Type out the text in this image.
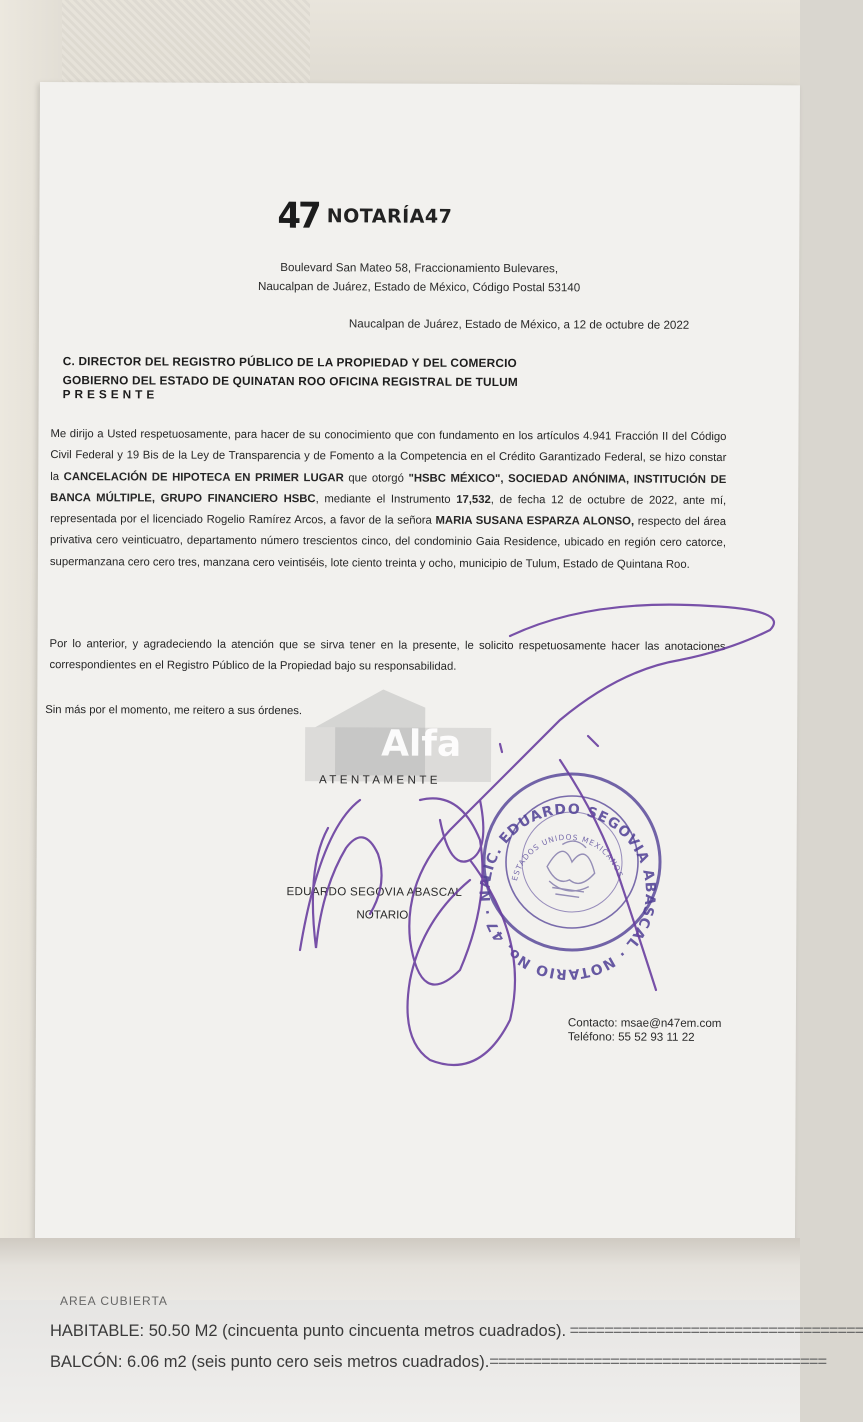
47 NOTARÍA47
Boulevard San Mateo 58, Fraccionamiento Bulevares,
Naucalpan de Juárez, Estado de México, Código Postal 53140
Naucalpan de Juárez, Estado de México, a 12 de octubre de 2022
C. DIRECTOR DEL REGISTRO PÚBLICO DE LA PROPIEDAD Y DEL COMERCIO
GOBIERNO DEL ESTADO DE QUINATAN ROO OFICINA REGISTRAL DE TULUM
PRESENTE
Me dirijo a Usted respetuosamente, para hacer de su conocimiento que con fundamento en los artículos 4.941 Fracción II del Código Civil Federal y 19 Bis de la Ley de Transparencia y de Fomento a la Competencia en el Crédito Garantizado Federal, se hizo constar la CANCELACIÓN DE HIPOTECA EN PRIMER LUGAR que otorgó "HSBC MÉXICO", SOCIEDAD ANÓNIMA, INSTITUCIÓN DE BANCA MÚLTIPLE, GRUPO FINANCIERO HSBC, mediante el Instrumento 17,532, de fecha 12 de octubre de 2022, ante mí, representada por el licenciado Rogelio Ramírez Arcos, a favor de la señora MARIA SUSANA ESPARZA ALONSO, respecto del área privativa cero veinticuatro, departamento número trescientos cinco, del condominio Gaia Residence, ubicado en región cero catorce, supermanzana cero cero tres, manzana cero veintiséis, lote ciento treinta y ocho, municipio de Tulum, Estado de Quintana Roo.
Por lo anterior, y agradeciendo la atención que se sirva tener en la presente, le solicito respetuosamente hacer las anotaciones correspondientes en el Registro Público de la Propiedad bajo su responsabilidad.
Sin más por el momento, me reitero a sus órdenes.
Alfa
ATENTAMENTE
EDUARDO SEGOVIA ABASCAL
NOTARIO
Contacto: msae@n47em.com
Teléfono: 55 52 93 11 22
LIC. EDUARDO SEGOVIA ABASCAL · NOTARIO No. 47 · NAUCALPAN,
ESTADOS UNIDOS MEXICANOS
AREA CUBIERTA
HABITABLE: 50.50 M2 (cincuenta punto cincuenta metros cuadrados). ==================================
BALCÓN: 6.06 m2 (seis punto cero seis metros cuadrados).=======================================
